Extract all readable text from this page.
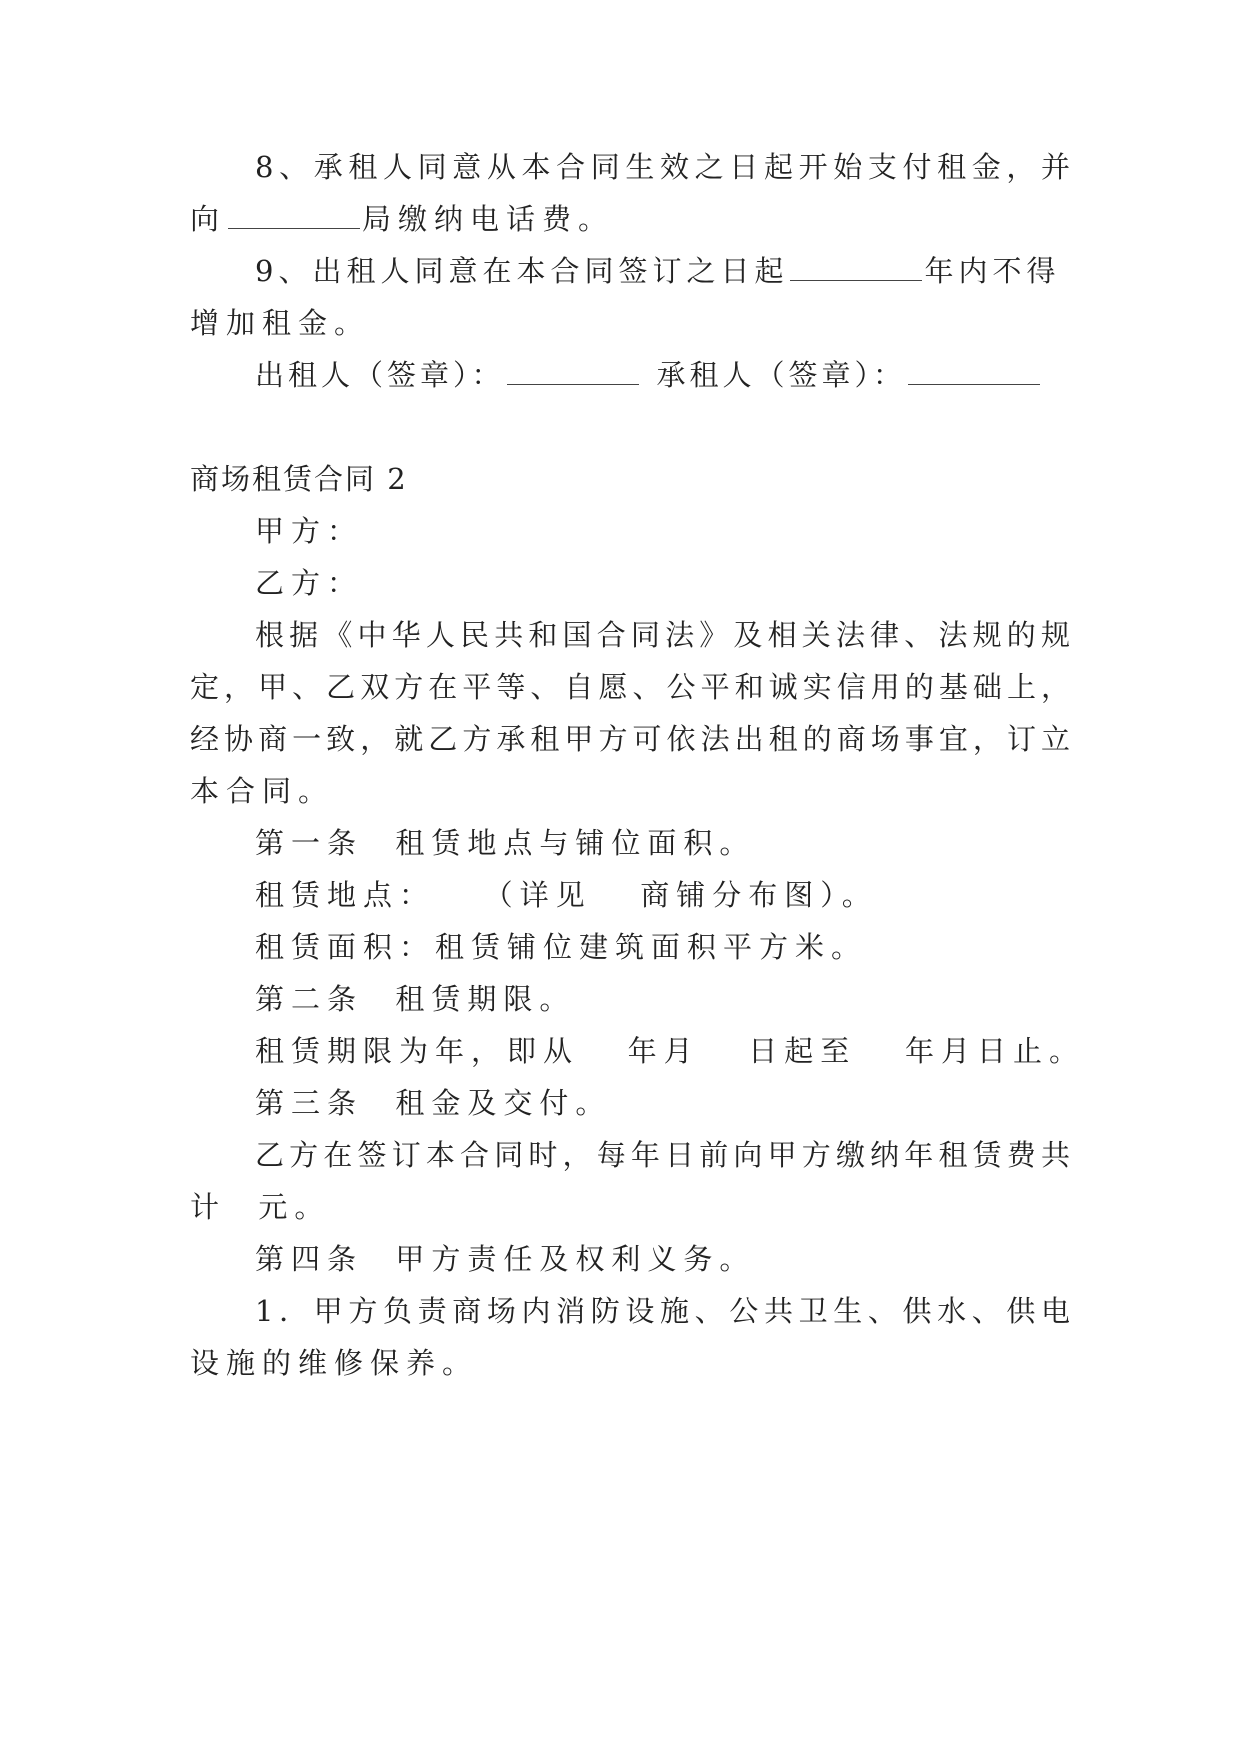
8、承租人同意从本合同生效之日起开始支付租金，并
向	局缴纳电话费。
9、出租人同意在本合同签订之日起	年内不得
增加租金。
出租人（签章）：	承租人（签章）：
商场租赁合同 2
甲方：
乙方：
根据《中华人民共和国合同法》及相关法律、法规的规
定，甲、乙双方在平等、自愿、公平和诚实信用的基础上，
经协商一致，就乙方承租甲方可依法出租的商场事宜，订立
本合同。
第一条  租赁地点与铺位面积。
租赁地点：   （详见   商铺分布图）。
租赁面积：租赁铺位建筑面积平方米。
第二条  租赁期限。
租赁期限为年，即从   年月   日起至   年月日止。
第三条  租金及交付。
乙方在签订本合同时，每年日前向甲方缴纳年租赁费共
计  元。
第四条  甲方责任及权利义务。
1．甲方负责商场内消防设施、公共卫生、供水、供电
设施的维修保养。
